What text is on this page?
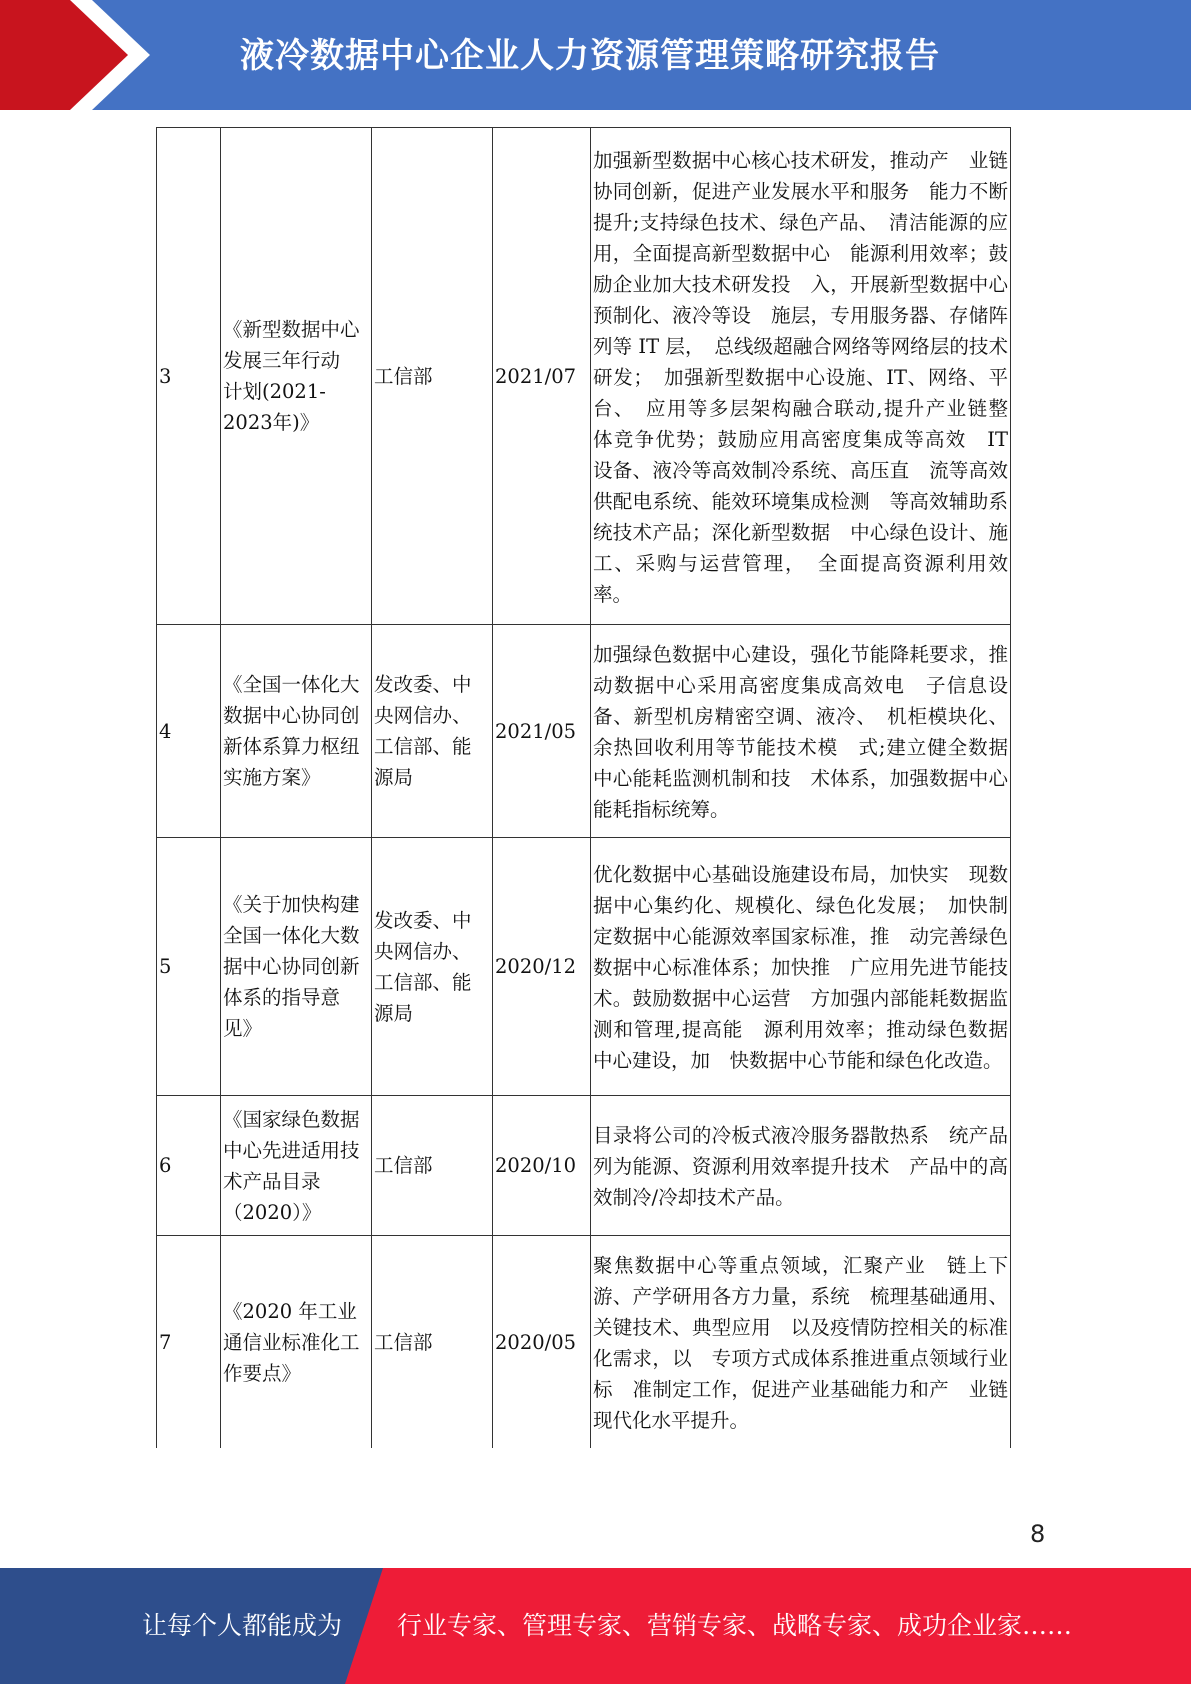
液冷数据中心企业人力资源管理策略研究报告
3	《新型数据中心发展三年行动　计划(2021-2023年)》	工信部	2021/07	加强新型数据中心核心技术研发，推动产　业链协同创新，促进产业发展水平和服务　能力不断提升;支持绿色技术、绿色产品、　清洁能源的应用，全面提高新型数据中心　能源利用效率；鼓励企业加大技术研发投　入，开展新型数据中心预制化、液冷等设　施层，专用服务器、存储阵列等 IT 层，　总线级超融合网络等网络层的技术研发；　加强新型数据中心设施、IT、网络、平台、　应用等多层架构融合联动,提升产业链整　体竞争优势；鼓励应用高密度集成等高效　IT 设备、液冷等高效制冷系统、高压直　流等高效供配电系统、能效环境集成检测　等高效辅助系统技术产品；深化新型数据　中心绿色设计、施工、采购与运营管理，　全面提高资源利用效率。
4	《全国一体化大数据中心协同创新体系算力枢纽实施方案》	发改委、中央网信办、工信部、能源局	2021/05	加强绿色数据中心建设，强化节能降耗要求，推动数据中心采用高密度集成高效电　子信息设备、新型机房精密空调、液冷、　机柜模块化、余热回收利用等节能技术模　式;建立健全数据中心能耗监测机制和技　术体系，加强数据中心能耗指标统筹。
5	《关于加快构建全国一体化大数据中心协同创新体系的指导意见》	发改委、中央网信办、工信部、能源局	2020/12	优化数据中心基础设施建设布局，加快实　现数据中心集约化、规模化、绿色化发展；　加快制定数据中心能源效率国家标准，推　动完善绿色数据中心标准体系；加快推　广应用先进节能技术。鼓励数据中心运营　方加强内部能耗数据监测和管理,提高能　源利用效率；推动绿色数据中心建设，加　快数据中心节能和绿色化改造。
6	《国家绿色数据中心先进适用技术产品目录（2020）》	工信部	2020/10	目录将公司的冷板式液冷服务器散热系　统产品列为能源、资源利用效率提升技术　产品中的高效制冷/冷却技术产品。
7	《2020 年工业通信业标准化工作要点》	工信部	2020/05	聚焦数据中心等重点领域，汇聚产业　链上下游、产学研用各方力量，系统　梳理基础通用、关键技术、典型应用　以及疫情防控相关的标准化需求，以　专项方式成体系推进重点领域行业标　准制定工作，促进产业基础能力和产　业链现代化水平提升。
8
让每个人都能成为 行业专家、管理专家、营销专家、战略专家、成功企业家……
